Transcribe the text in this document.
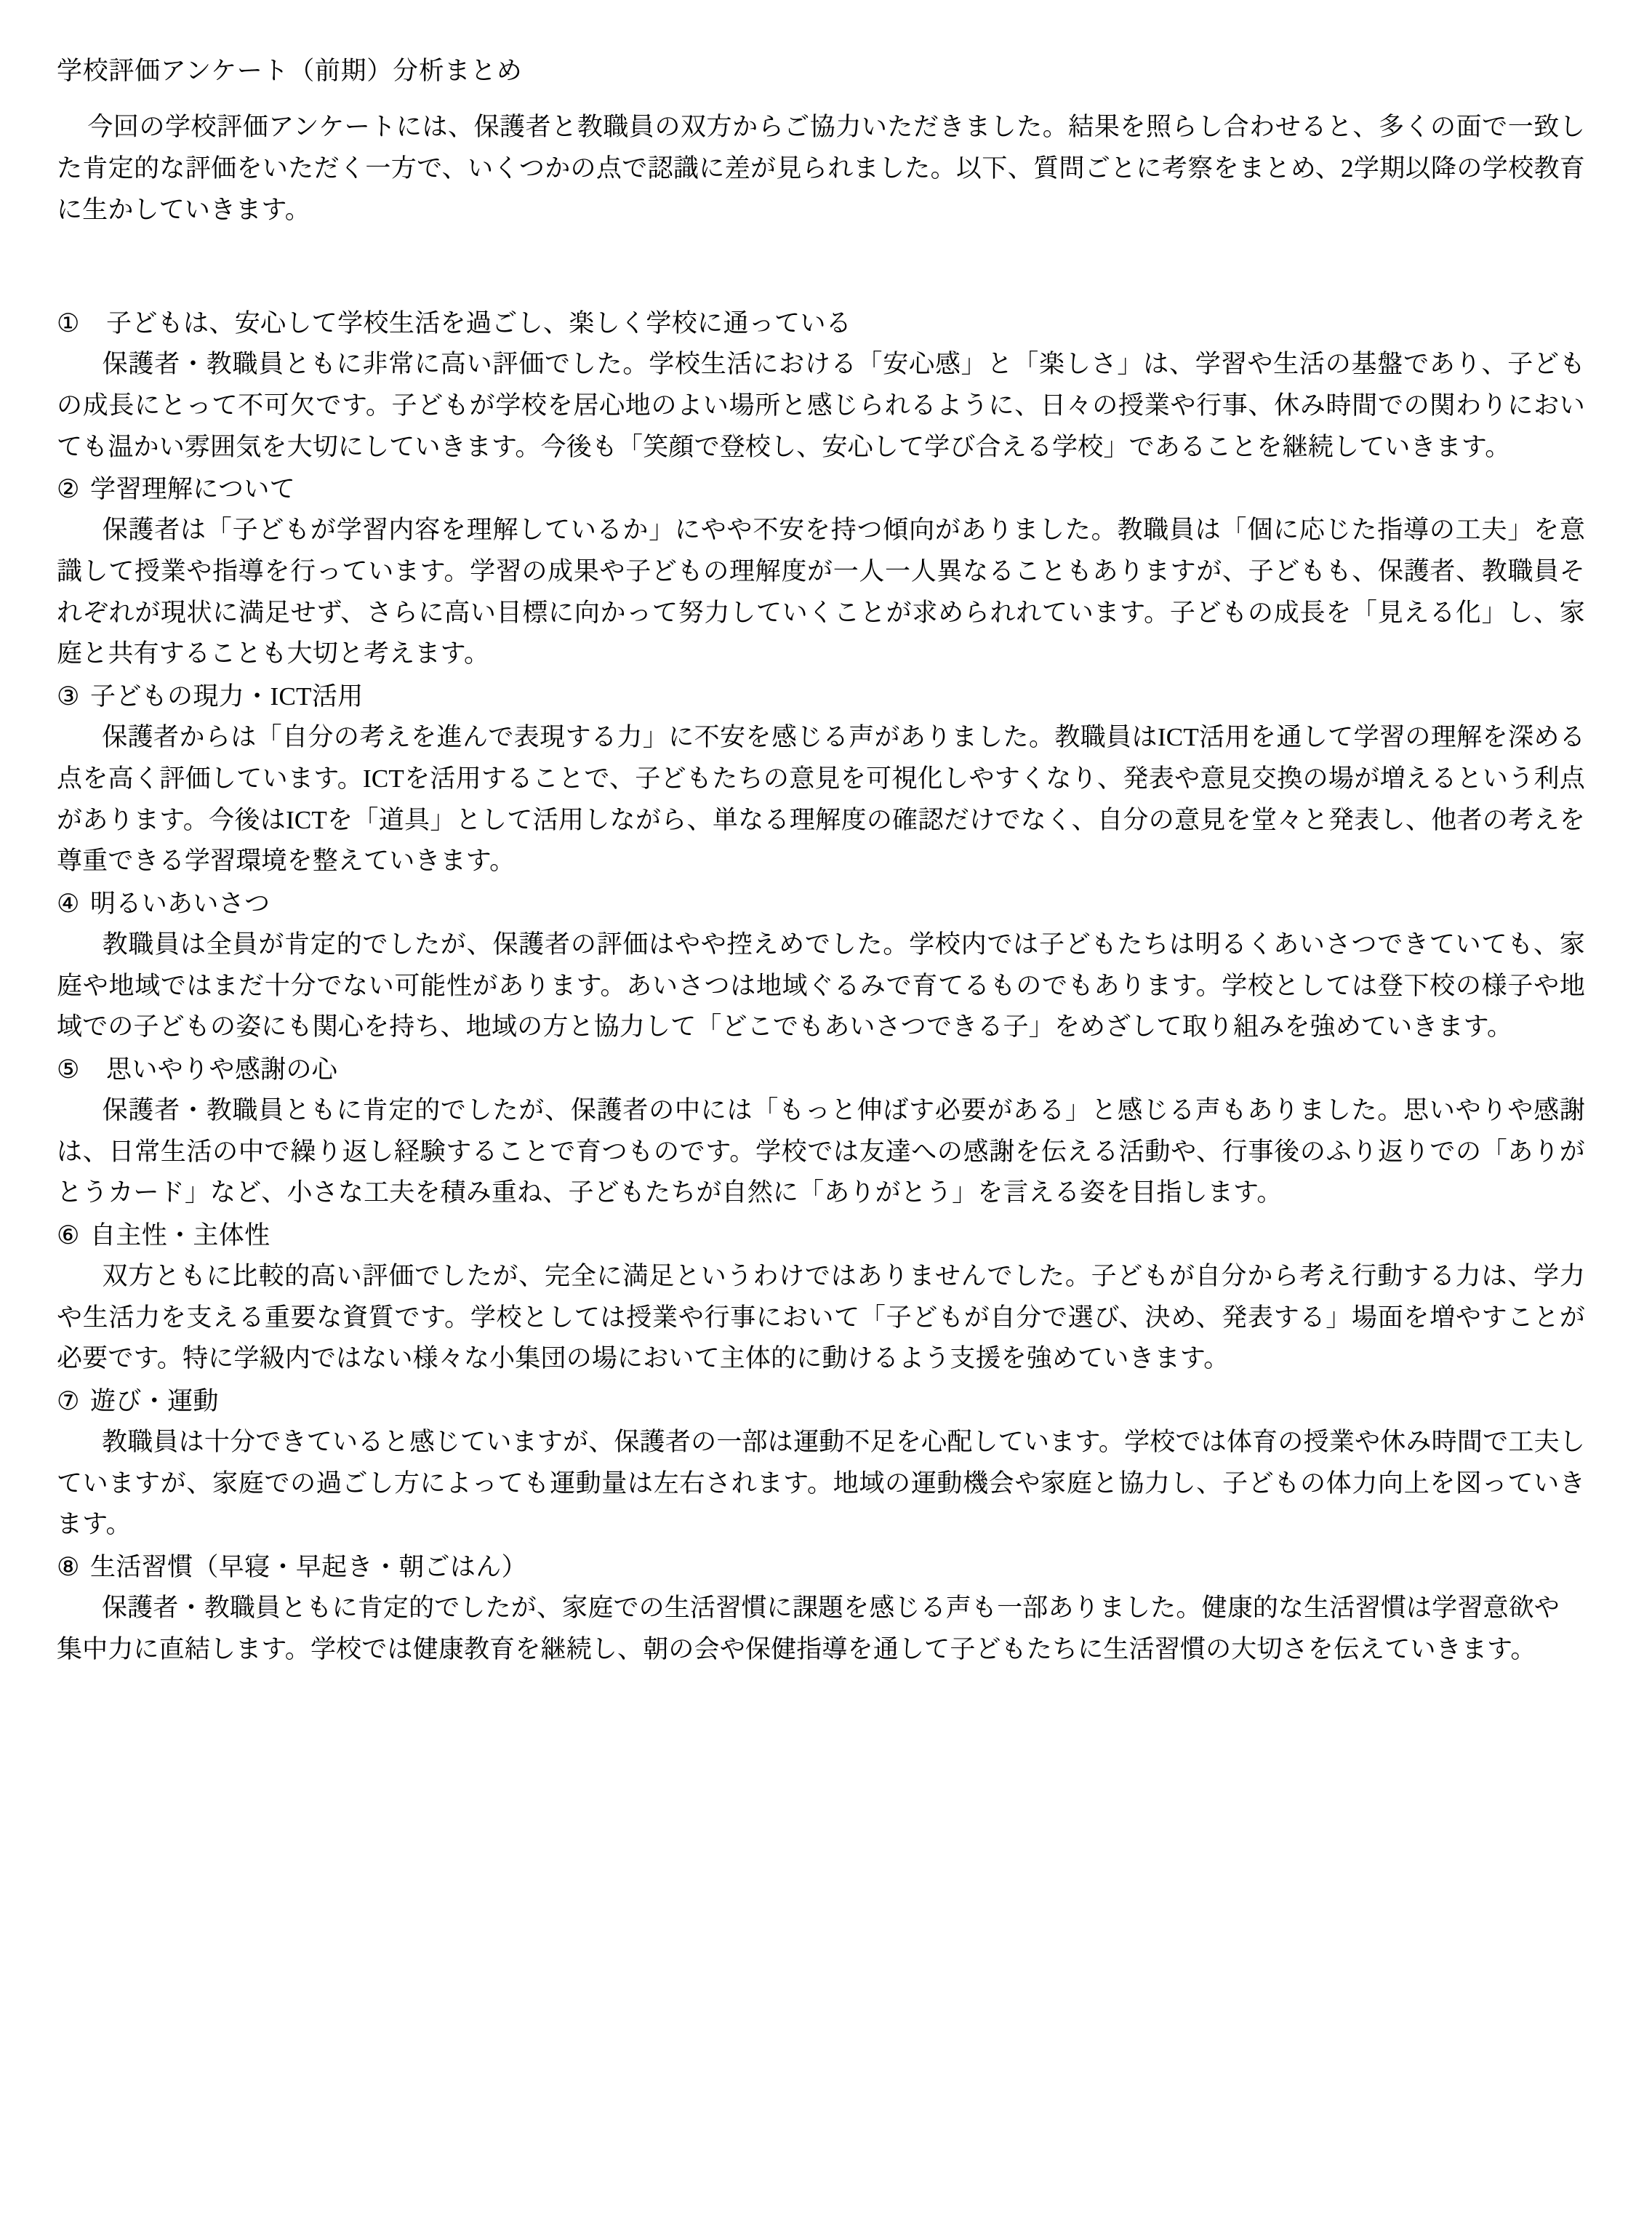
学校評価アンケート（前期）分析まとめ

今回の学校評価アンケートには、保護者と教職員の双方からご協力いただきました。結果を照らし合わせると、多くの面で一致した肯定的な評価をいただく一方で、いくつかの点で認識に差が見られました。以下、質問ごとに考察をまとめ、2学期以降の学校教育に生かしていきます。

①	子どもは、安心して学校生活を過ごし、楽しく学校に通っている

保護者・教職員ともに非常に高い評価でした。学校生活における「安心感」と「楽しさ」は、学習や生活の基盤であり、子どもの成長にとって不可欠です。子どもが学校を居心地のよい場所と感じられるように、日々の授業や行事、休み時間での関わりにおいても温かい雰囲気を大切にしていきます。今後も「笑顔で登校し、安心して学び合える学校」であることを継続していきます。

② 学習理解について

保護者は「子どもが学習内容を理解しているか」にやや不安を持つ傾向がありました。教職員は「個に応じた指導の工夫」を意識して授業や指導を行っています。学習の成果や子どもの理解度が一人一人異なることもありますが、子どもも、保護者、教職員それぞれが現状に満足せず、さらに高い目標に向かって努力していくことが求められれています。子どもの成長を「見える化」し、家庭と共有することも大切と考えます。

③ 子どもの現力・ICT活用

保護者からは「自分の考えを進んで表現する力」に不安を感じる声がありました。教職員はICT活用を通して学習の理解を深める点を高く評価しています。ICTを活用することで、子どもたちの意見を可視化しやすくなり、発表や意見交換の場が増えるという利点があります。今後はICTを「道具」として活用しながら、単なる理解度の確認だけでなく、自分の意見を堂々と発表し、他者の考えを尊重できる学習環境を整えていきます。

④ 明るいあいさつ

教職員は全員が肯定的でしたが、保護者の評価はやや控えめでした。学校内では子どもたちは明るくあいさつできていても、家庭や地域ではまだ十分でない可能性があります。あいさつは地域ぐるみで育てるものでもあります。学校としては登下校の様子や地域での子どもの姿にも関心を持ち、地域の方と協力して「どこでもあいさつできる子」をめざして取り組みを強めていきます。

⑤	思いやりや感謝の心

保護者・教職員ともに肯定的でしたが、保護者の中には「もっと伸ばす必要がある」と感じる声もありました。思いやりや感謝は、日常生活の中で繰り返し経験することで育つものです。学校では友達への感謝を伝える活動や、行事後のふり返りでの「ありがとうカード」など、小さな工夫を積み重ね、子どもたちが自然に「ありがとう」を言える姿を目指します。

⑥ 自主性・主体性

双方ともに比較的高い評価でしたが、完全に満足というわけではありませんでした。子どもが自分から考え行動する力は、学力や生活力を支える重要な資質です。学校としては授業や行事において「子どもが自分で選び、決め、発表する」場面を増やすことが必要です。特に学級内ではない様々な小集団の場において主体的に動けるよう支援を強めていきます。

⑦ 遊び・運動

教職員は十分できていると感じていますが、保護者の一部は運動不足を心配しています。学校では体育の授業や休み時間で工夫していますが、家庭での過ごし方によっても運動量は左右されます。地域の運動機会や家庭と協力し、子どもの体力向上を図っていきます。

⑧ 生活習慣（早寝・早起き・朝ごはん）

保護者・教職員ともに肯定的でしたが、家庭での生活習慣に課題を感じる声も一部ありました。健康的な生活習慣は学習意欲や集中力に直結します。学校では健康教育を継続し、朝の会や保健指導を通して子どもたちに生活習慣の大切さを伝えていきます。
